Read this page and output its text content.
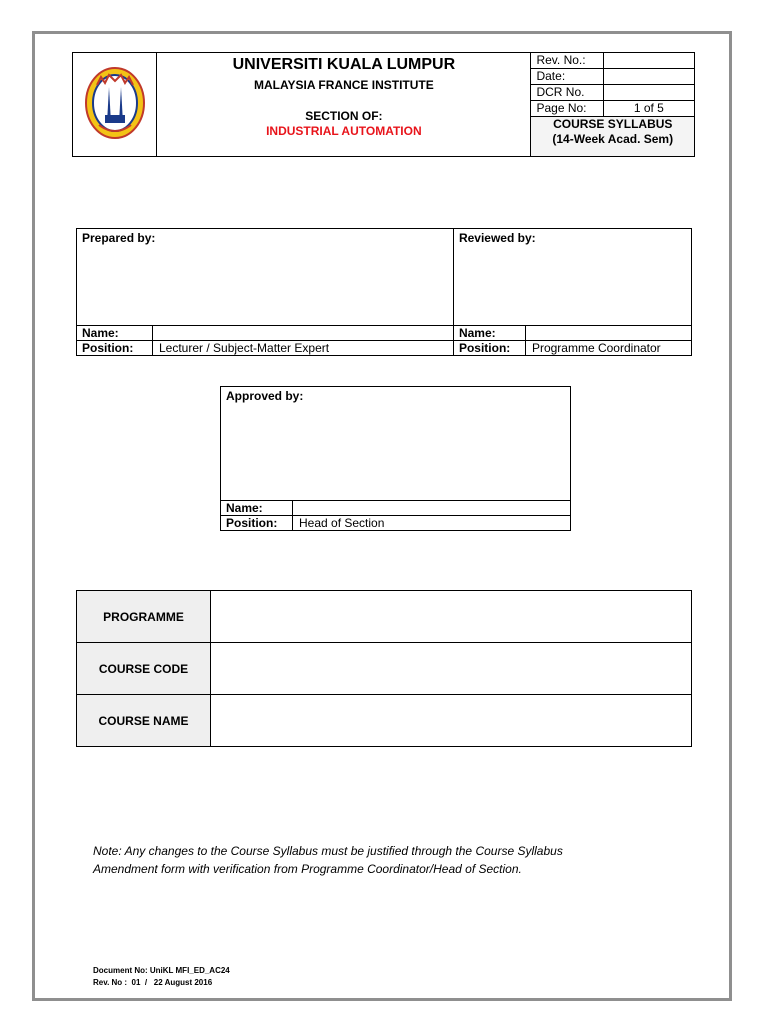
UNIVERSITI KUALA LUMPUR
MALAYSIA FRANCE INSTITUTE
SECTION OF:
INDUSTRIAL AUTOMATION	Rev. No.:	
		Date:	
		DCR No.	
		Page No:	1 of 5

		COURSE SYLLABUS
(14-Week Acad. Sem)	
Prepared by:		Reviewed by:	
Name:		Name:	
Position:	Lecturer / Subject-Matter Expert	Position:	Programme Coordinator
Approved by:	
Name:	
Position:	Head of Section
PROGRAMME	
COURSE CODE	
COURSE NAME	
Note: Any changes to the Course Syllabus must be justified through the Course Syllabus
Amendment form with verification from Programme Coordinator/Head of Section.
Document No: UniKL MFI_ED_AC24
Rev. No :  01  /   22 August 2016
